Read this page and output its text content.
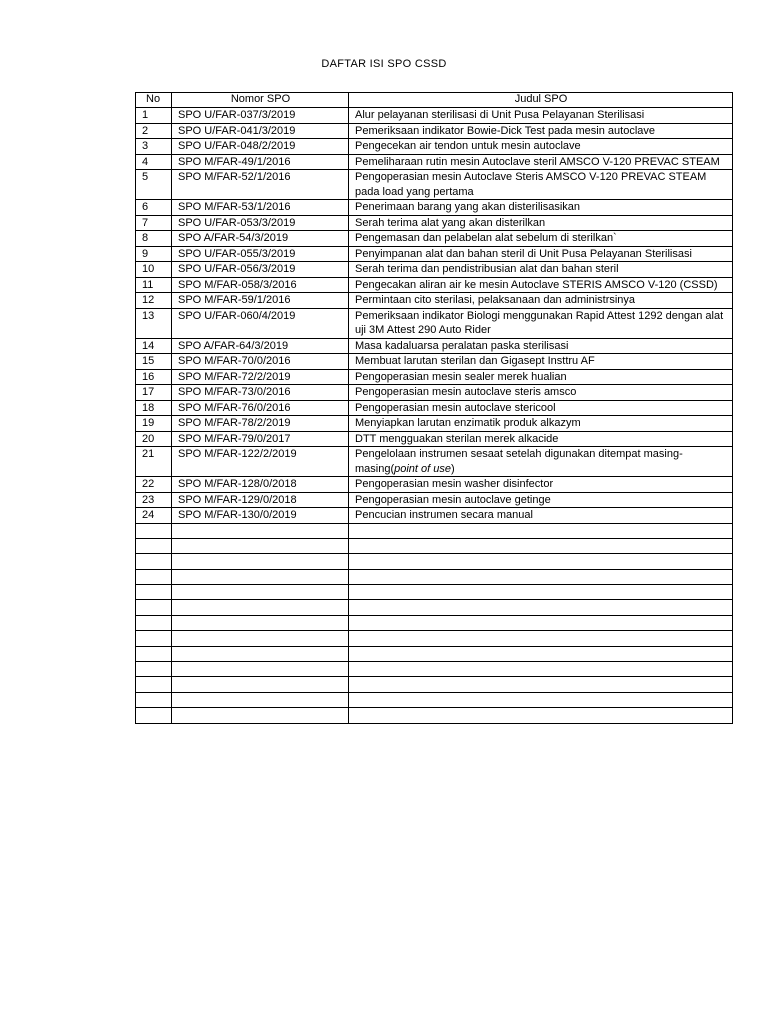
DAFTAR ISI SPO CSSD
No	Nomor SPO	Judul SPO
1	SPO U/FAR-037/3/2019	Alur pelayanan sterilisasi di Unit Pusa Pelayanan Sterilisasi
2	SPO U/FAR-041/3/2019	Pemeriksaan indikator Bowie-Dick Test pada mesin autoclave
3	SPO U/FAR-048/2/2019	Pengecekan air tendon untuk mesin autoclave
4	SPO M/FAR-49/1/2016	Pemeliharaan rutin mesin Autoclave steril AMSCO V-120 PREVAC STEAM
5	SPO M/FAR-52/1/2016	Pengoperasian mesin Autoclave Steris AMSCO V-120 PREVAC STEAM pada load yang pertama
6	SPO M/FAR-53/1/2016	Penerimaan barang yang akan disterilisasikan
7	SPO U/FAR-053/3/2019	Serah terima alat yang akan disterilkan
8	SPO A/FAR-54/3/2019	Pengemasan dan pelabelan alat sebelum di sterilkan`
9	SPO U/FAR-055/3/2019	Penyimpanan alat dan bahan steril di Unit Pusa Pelayanan Sterilisasi
10	SPO U/FAR-056/3/2019	Serah terima dan pendistribusian alat dan bahan steril
11	SPO M/FAR-058/3/2016	Pengecakan aliran air ke mesin Autoclave STERIS AMSCO V-120 (CSSD)
12	SPO M/FAR-59/1/2016	Permintaan cito sterilasi, pelaksanaan dan administrsinya
13	SPO U/FAR-060/4/2019	Pemeriksaan indikator Biologi menggunakan Rapid Attest 1292 dengan alat uji 3M Attest 290 Auto Rider
14	SPO A/FAR-64/3/2019	Masa kadaluarsa peralatan paska sterilisasi
15	SPO M/FAR-70/0/2016	Membuat larutan sterilan dan Gigasept Insttru AF
16	SPO M/FAR-72/2/2019	Pengoperasian mesin sealer merek hualian
17	SPO M/FAR-73/0/2016	Pengoperasian mesin autoclave steris amsco
18	SPO M/FAR-76/0/2016	Pengoperasian mesin autoclave stericool
19	SPO M/FAR-78/2/2019	Menyiapkan larutan enzimatik produk alkazym
20	SPO M/FAR-79/0/2017	DTT mengguakan sterilan merek alkacide
21	SPO M/FAR-122/2/2019	Pengelolaan instrumen sesaat setelah digunakan ditempat masing-masing(point of use)
22	SPO M/FAR-128/0/2018	Pengoperasian mesin washer disinfector
23	SPO M/FAR-129/0/2018	Pengoperasian mesin autoclave getinge
24	SPO M/FAR-130/0/2019	Pencucian instrumen secara manual
